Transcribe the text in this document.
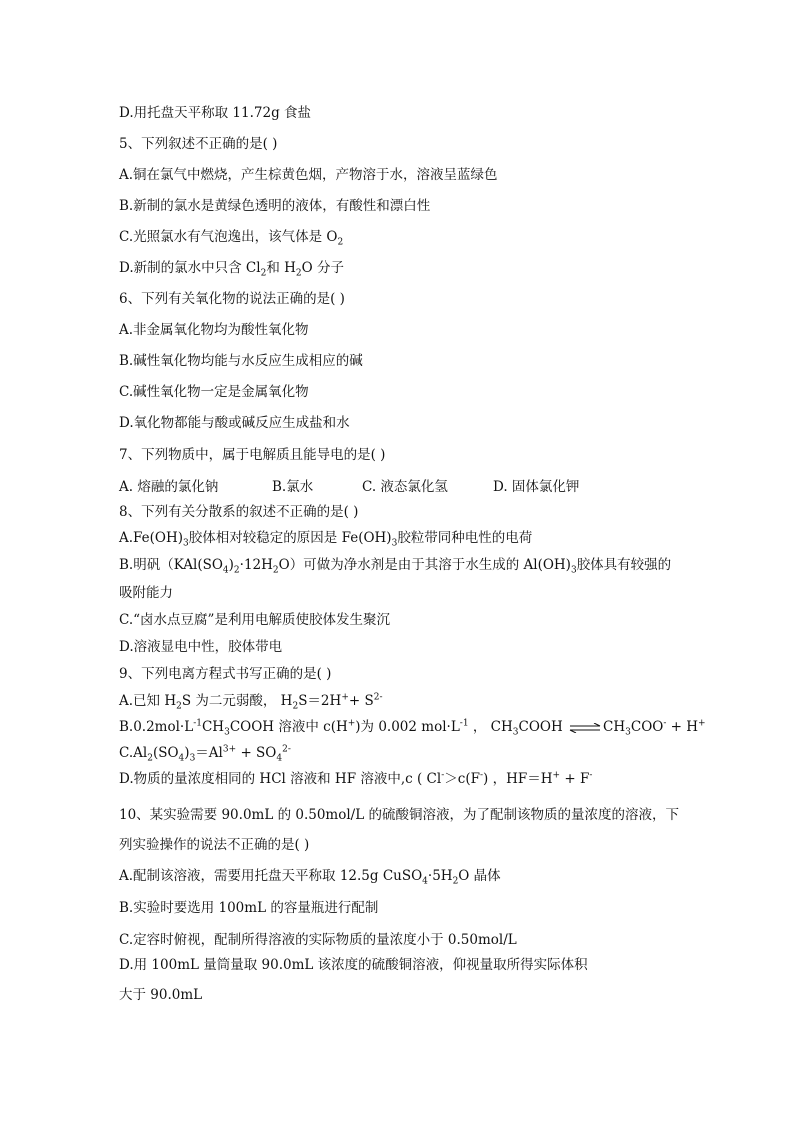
D.用托盘天平称取 11.72g 食盐
5、下列叙述不正确的是( )
A.铜在氯气中燃烧，产生棕黄色烟，产物溶于水，溶液呈蓝绿色
B.新制的氯水是黄绿色透明的液体，有酸性和漂白性
C.光照氯水有气泡逸出，该气体是 $O_2$
D.新制的氯水中只含 $Cl_2$和 $H_2O$ 分子
6、下列有关氧化物的说法正确的是( )
A.非金属氧化物均为酸性氧化物
B.碱性氧化物均能与水反应生成相应的碱
C.碱性氧化物一定是金属氧化物
D.氧化物都能与酸或碱反应生成盐和水
7、下列物质中，属于电解质且能导电的是( )
A. 熔融的氯化钠	B.氯水	C. 液态氯化氢	D. 固体氯化钾
8、下列有关分散系的叙述不正确的是( )
$A.Fe(OH)_3$胶体相对较稳定的原因是 $Fe(OH)_3$胶粒带同种电性的电荷
B.明矾$(KAl(SO_4)_2\cdot 12H_2O)$可做为净水剂是由于其溶于水生成的 $Al(OH)_3$胶体具有较强的
吸附能力
C.“卤水点豆腐”是利用电解质使胶体发生聚沉
D.溶液显电中性，胶体带电
9、下列电离方程式书写正确的是( )
A.已知 $H_2S$ 为二元弱酸， $H_2S=2H^++ S^{2-}$
$B.0.2mol\cdot L^{-1}CH_3COOH$ 溶液中 c(H+)为 0.002 $mol\cdot L^{-1}$ ， $CH_3COOH$ $\rightleftharpoons CH_3COO^- + H^+$
$C.Al_2(SO_4)_3=Al^{3+} + SO_4^{2-}$
D.物质的量浓度相同的 HCl 溶液和 HF 溶液中,c ( Cl-＞c(F-) ，HF＝H+ + F-
10、某实验需要 90.0mL 的 0.50mol/L 的硫酸铜溶液，为了配制该物质的量浓度的溶液，下
列实验操作的说法不正确的是( )
A.配制该溶液，需要用托盘天平称取 12.5g $CuSO_4\cdot 5H_2O$ 晶体
B.实验时要选用 100mL 的容量瓶进行配制
C.定容时俯视，配制所得溶液的实际物质的量浓度小于 0.50mol/L
D.用 100mL 量筒量取 90.0mL 该浓度的硫酸铜溶液，仰视量取所得实际体积
大于 90.0mL
